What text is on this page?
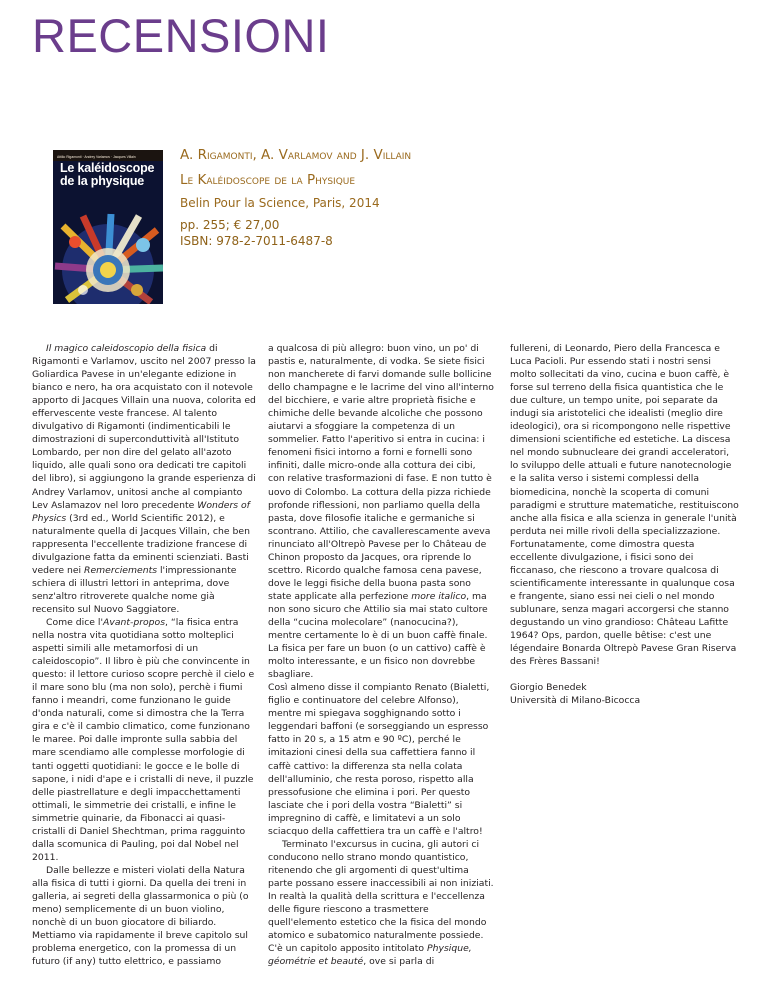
RECENSIONI
Attilio Rigamonti · Andrey Varlamov · Jacques Villain
Le kaléidoscope
de la physique
A. Rigamonti, A. Varlamov and J. Villain
Le Kaléidoscope de la Physique
Belin Pour la Science, Paris, 2014
pp. 255; € 27,00
ISBN: 978-2-7011-6487-8

Il magico caleidoscopio della fisica di Rigamonti e Varlamov, uscito nel 2007 presso la Goliardica Pavese in un'elegante edizione in bianco e nero, ha ora acquistato con il notevole apporto di Jacques Villain una nuova, colorita ed effervescente veste francese. Al talento divulgativo di Rigamonti (indimenticabili le dimostrazioni di superconduttività all'Istituto Lombardo, per non dire del gelato all'azoto liquido, alle quali sono ora dedicati tre capitoli del libro), si aggiungono la grande esperienza di Andrey Varlamov, unitosi anche al compianto Lev Aslamazov nel loro precedente Wonders of Physics (3rd ed., World Scientific 2012), e naturalmente quella di Jacques Villain, che ben rappresenta l'eccellente tradizione francese di divulgazione fatta da eminenti scienziati. Basti vedere nei Remerciements l'impressionante schiera di illustri lettori in anteprima, dove senz'altro ritroverete qualche nome già recensito sul Nuovo Saggiatore.

Come dice l'Avant-propos, “la fisica entra nella nostra vita quotidiana sotto molteplici aspetti simili alle metamorfosi di un caleidoscopio”. Il libro è più che convincente in questo: il lettore curioso scopre perchè il cielo e il mare sono blu (ma non solo), perchè i fiumi fanno i meandri, come funzionano le guide d'onda naturali, come si dimostra che la Terra gira e c'è il cambio climatico, come funzionano le maree. Poi dalle impronte sulla sabbia del mare scendiamo alle complesse morfologie di tanti oggetti quotidiani: le gocce e le bolle di sapone, i nidi d'ape e i cristalli di neve, il puzzle delle piastrellature e degli impacchettamenti ottimali, le simmetrie dei cristalli, e infine le simmetrie quinarie, da Fibonacci ai quasi-cristalli di Daniel Shechtman, prima ragguinto dalla scomunica di Pauling, poi dal Nobel nel 2011.

Dalle bellezze e misteri violati della Natura alla fisica di tutti i giorni. Da quella dei treni in galleria, ai segreti della glassarmonica o più (o meno) semplicemente di un buon violino, nonchè di un buon giocatore di biliardo. Mettiamo via rapidamente il breve capitolo sul problema energetico, con la promessa di un futuro (if any) tutto elettrico, e passiamo

a qualcosa di più allegro: buon vino, un po' di pastis e, naturalmente, di vodka. Se siete fisici non mancherete di farvi domande sulle bollicine dello champagne e le lacrime del vino all'interno del bicchiere, e varie altre proprietà fisiche e chimiche delle bevande alcoliche che possono aiutarvi a sfoggiare la competenza di un sommelier. Fatto l'aperitivo si entra in cucina: i fenomeni fisici intorno a forni e fornelli sono infiniti, dalle micro-onde alla cottura dei cibi, con relative trasformazioni di fase. E non tutto è uovo di Colombo. La cottura della pizza richiede profonde riflessioni, non parliamo quella della pasta, dove filosofie italiche e germaniche si scontrano. Attilio, che cavallerescamente aveva rinunciato all'Oltrepò Pavese per lo Château de Chinon proposto da Jacques, ora riprende lo scettro. Ricordo qualche famosa cena pavese, dove le leggi fisiche della buona pasta sono state applicate alla perfezione more italico, ma non sono sicuro che Attilio sia mai stato cultore della “cucina molecolare” (nanocucina?), mentre certamente lo è di un buon caffè finale. La fisica per fare un buon (o un cattivo) caffè è molto interessante, e un fisico non dovrebbe sbagliare.

Così almeno disse il compianto Renato (Bialetti, figlio e continuatore del celebre Alfonso), mentre mi spiegava sogghignando sotto i leggendari baffoni (e sorseggiando un espresso fatto in 20 s, a 15 atm e 90 ºC), perché le imitazioni cinesi della sua caffettiera fanno il caffè cattivo: la differenza sta nella colata dell'alluminio, che resta poroso, rispetto alla pressofusione che elimina i pori. Per questo lasciate che i pori della vostra “Bialetti” si impregnino di caffè, e limitatevi a un solo sciacquo della caffettiera tra un caffè e l'altro!

Terminato l'excursus in cucina, gli autori ci conducono nello strano mondo quantistico, ritenendo che gli argomenti di quest'ultima parte possano essere inaccessibili ai non iniziati. In realtà la qualità della scrittura e l'eccellenza delle figure riescono a trasmettere quell'elemento estetico che la fisica del mondo atomico e subatomico naturalmente possiede. C'è un capitolo apposito intitolato Physique, géométrie et beauté, ove si parla di

fullereni, di Leonardo, Piero della Francesca e Luca Pacioli. Pur essendo stati i nostri sensi molto sollecitati da vino, cucina e buon caffè, è forse sul terreno della fisica quantistica che le due culture, un tempo unite, poi separate da indugi sia aristotelici che idealisti (meglio dire ideologici), ora si ricompongono nelle rispettive dimensioni scientifiche ed estetiche. La discesa nel mondo subnucleare dei grandi acceleratori, lo sviluppo delle attuali e future nanotecnologie e la salita verso i sistemi complessi della biomedicina, nonchè la scoperta di comuni paradigmi e strutture matematiche, restituiscono anche alla fisica e alla scienza in generale l'unità perduta nei mille rivoli della specializzazione. Fortunatamente, come dimostra questa eccellente divulgazione, i fisici sono dei ficcanaso, che riescono a trovare qualcosa di scientificamente interessante in qualunque cosa e frangente, siano essi nei cieli o nel mondo sublunare, senza magari accorgersi che stanno degustando un vino grandioso: Château Lafitte 1964? Ops, pardon, quelle bêtise: c'est une légendaire Bonarda Oltrepò Pavese Gran Riserva des Frères Bassani!

Giorgio Benedek

Università di Milano-Bicocca
